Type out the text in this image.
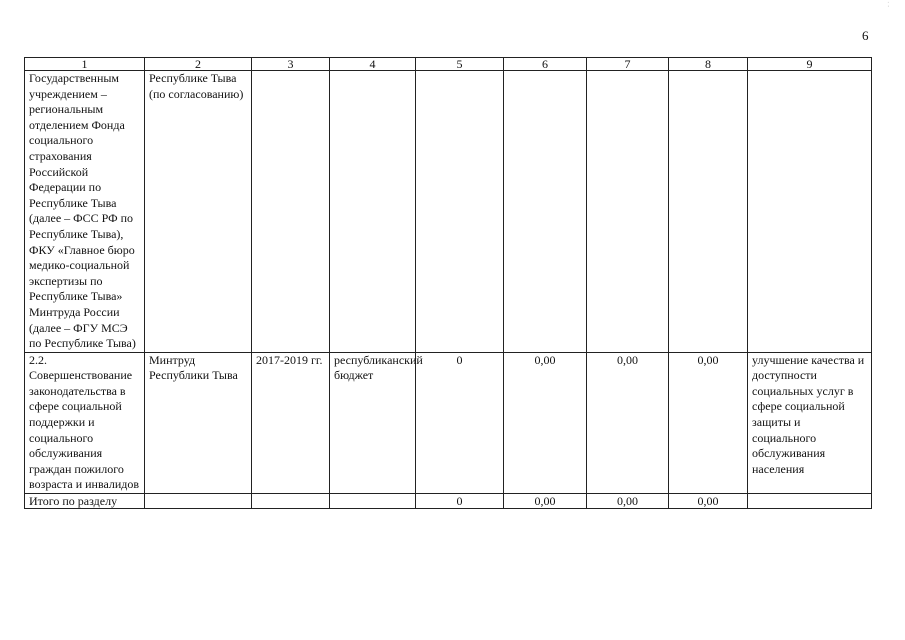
6
˙.
1	2	3	4	5	6	7	8	9
Государственным учреждением – региональным отделением Фонда социального страхования Российской Федерации по Республике Тыва (далее – ФСС РФ по Республике Тыва), ФКУ «Главное бюро медико-социальной экспертизы по Республике Тыва» Минтруда России (далее – ФГУ МСЭ по Республике Тыва)	Республике Тыва (по согласованию)							
2.2. Совершенствование законодательства в сфере социальной поддержки и социального обслуживания граждан пожилого возраста и инвалидов	Минтруд Республики Тыва	2017-2019 гг.	республиканский бюджет	0	0,00	0,00	0,00	улучшение качества и доступности социальных услуг в сфере социальной защиты и социального обслуживания населения
Итого по разделу				0	0,00	0,00	0,00	
